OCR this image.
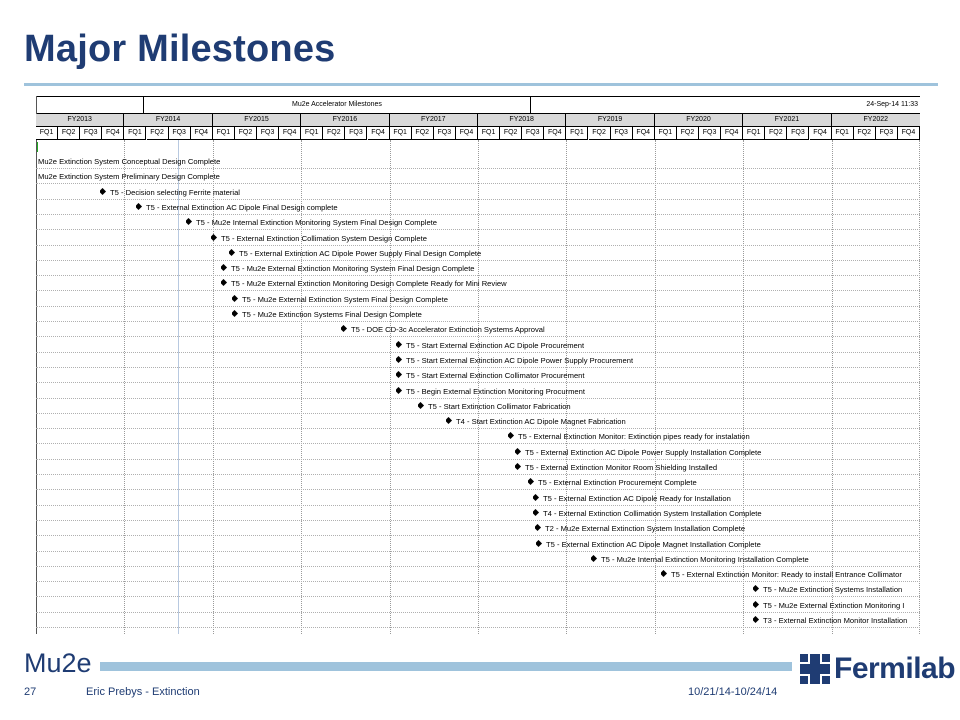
Major Milestones
Mu2e Accelerator Milestones	24-Sep-14 11:33
FY2013
FQ1	FQ2	FQ3	FQ4
FY2014
FQ1	FQ2	FQ3	FQ4
FY2015
FQ1	FQ2	FQ3	FQ4
FY2016
FQ1	FQ2	FQ3	FQ4
FY2017
FQ1	FQ2	FQ3	FQ4
FY2018
FQ1	FQ2	FQ3	FQ4
FY2019
FQ1	FQ2	FQ3	FQ4
FY2020
FQ1	FQ2	FQ3	FQ4
FY2021
FQ1	FQ2	FQ3	FQ4
FY2022
FQ1	FQ2	FQ3	FQ4
Mu2e Extinction System Conceptual Design Complete
Mu2e Extinction System Preliminary Design Complete
T5 - Decision selecting Ferrite material
T5 - External Extinction AC Dipole Final Design complete
T5 - Mu2e Internal Extinction Monitoring System Final Design Complete
T5 - External Extinction Collimation System Design Complete
T5 - External Extinction AC Dipole Power Supply Final Design Complete
T5 - Mu2e External Extinction Monitoring System Final Design Complete
T5 - Mu2e External Extinction Monitoring Design Complete Ready for Mini Review
T5 - Mu2e External Extinction System Final Design Complete
T5 - Mu2e Extinction Systems Final Design Complete
T5 - DOE CD-3c Accelerator Extinction Systems Approval
T5 - Start External Extinction AC Dipole Procurement
T5 - Start External Extinction AC Dipole Power Supply Procurement
T5 - Start External Extinction Collimator Procurement
T5 - Begin External Extinction Monitoring Procurment
T5 - Start Extinction Collimator Fabrication
T4 - Start Extinction AC Dipole Magnet Fabrication
T5 - External Extinction Monitor: Extinction pipes ready for instalation
T5 - External Extinction AC Dipole Power Supply Installation Complete
T5 - External Extinction Monitor Room Shielding Installed
T5 - External Extinction Procurement Complete
T5 - External Extinction AC Dipole Ready for Installation
T4 - External Extinction Collimation System Installation Complete
T2 - Mu2e External Extinction System Installation Complete
T5 - External Extinction AC Dipole Magnet Installation Complete
T5 - Mu2e Internal Extinction Monitoring Installation Complete
T5 - External Extinction Monitor: Ready to install Entrance Collimator
T5 - Mu2e Extinction Systems Installation
T5 - Mu2e External Extinction Monitoring I
T3 - External Extinction Monitor Installation
Mu2e	Fermilab
27	Eric Prebys - Extinction	10/21/14-10/24/14
